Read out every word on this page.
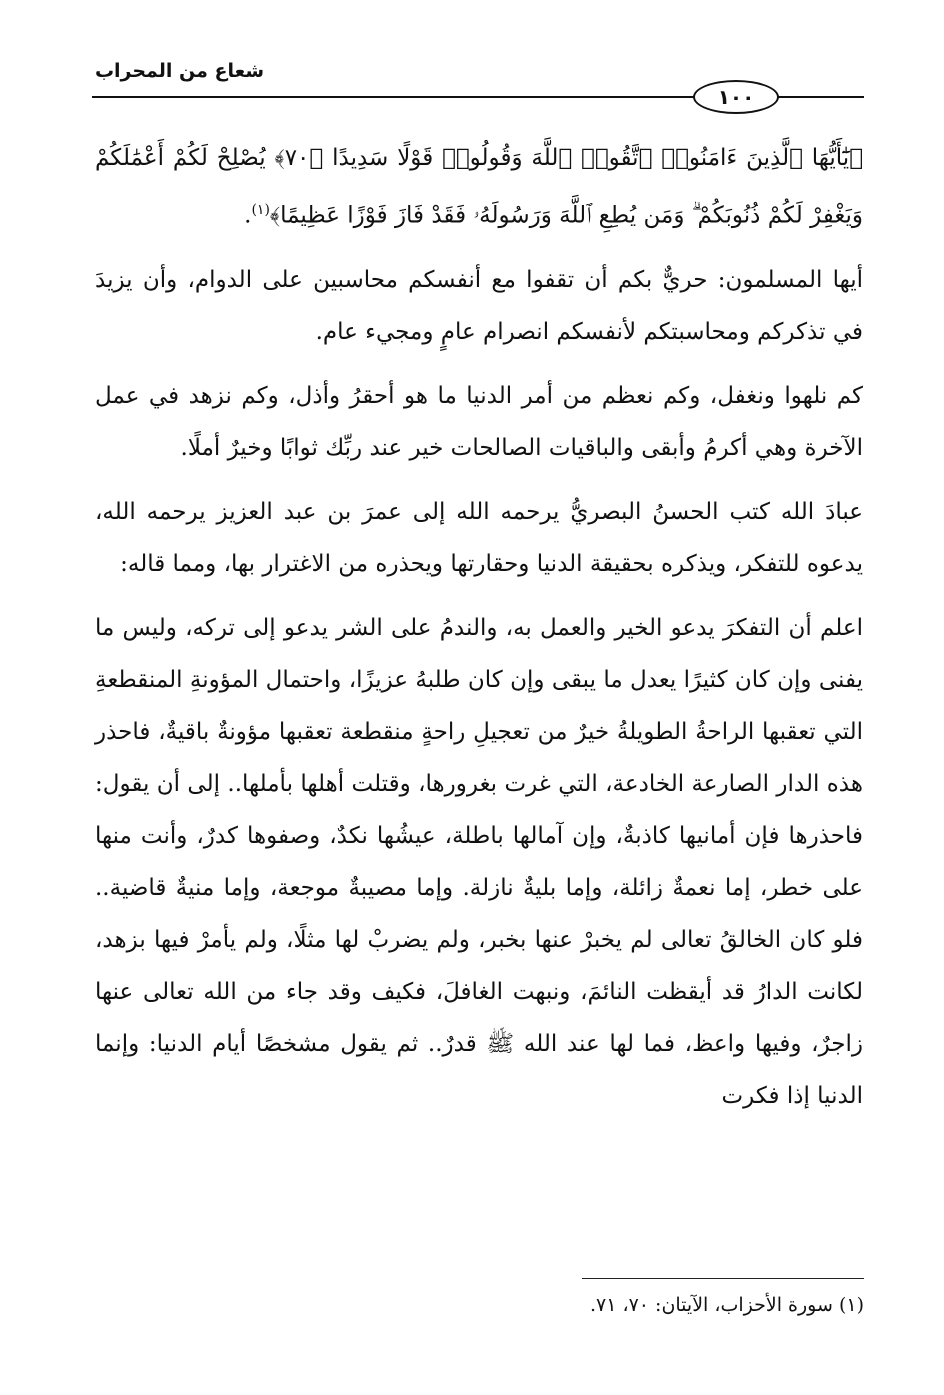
شعاع من المحراب
١٠٠

﴿يَٰٓأَيُّهَا ٱلَّذِينَ ءَامَنُوا۟ ٱتَّقُوا۟ ٱللَّهَ وَقُولُوا۟ قَوْلًا سَدِيدًا ﴿٧٠﴾ يُصْلِحْ لَكُمْ أَعْمَٰلَكُمْ وَيَغْفِرْ لَكُمْ ذُنُوبَكُمْ ۗ وَمَن يُطِعِ ٱللَّهَ وَرَسُولَهُۥ فَقَدْ فَازَ فَوْزًا عَظِيمًا﴾$^{(١)}$.

أيها المسلمون: حريٌّ بكم أن تقفوا مع أنفسكم محاسبين على الدوام، وأن يزيدَ في تذكركم ومحاسبتكم لأنفسكم انصرام عامٍ ومجيء عام.

كم نلهوا ونغفل، وكم نعظم من أمر الدنيا ما هو أحقرُ وأذل، وكم نزهد في عمل الآخرة وهي أكرمُ وأبقى والباقيات الصالحات خير عند ربِّك ثوابًا وخيرٌ أملًا.

عبادَ الله كتب الحسنُ البصريُّ يرحمه الله إلى عمرَ بن عبد العزيز يرحمه الله، يدعوه للتفكر، ويذكره بحقيقة الدنيا وحقارتها ويحذره من الاغترار بها، ومما قاله:

اعلم أن التفكرَ يدعو الخير والعمل به، والندمُ على الشر يدعو إلى تركه، وليس ما يفنى وإن كان كثيرًا يعدل ما يبقى وإن كان طلبهُ عزيزًا، واحتمال المؤونةِ المنقطعةِ التي تعقبها الراحةُ الطويلةُ خيرٌ من تعجيلِ راحةٍ منقطعة تعقبها مؤونةٌ باقيةٌ، فاحذر هذه الدار الصارعة الخادعة، التي غرت بغرورها، وقتلت أهلها بأملها.. إلى أن يقول: فاحذرها فإن أمانيها كاذبةٌ، وإن آمالها باطلة، عيشُها نكدٌ، وصفوها كدرٌ، وأنت منها على خطر، إما نعمةٌ زائلة، وإما بليةٌ نازلة. وإما مصيبةٌ موجعة، وإما منيةٌ قاضية.. فلو كان الخالقُ تعالى لم يخبرْ عنها بخبر، ولم يضربْ لها مثلًا، ولم يأمرْ فيها بزهد، لكانت الدارُ قد أيقظت النائمَ، ونبهت الغافلَ، فكيف وقد جاء من الله تعالى عنها زاجرٌ، وفيها واعظ، فما لها عند الله ﷺ قدرٌ.. ثم يقول مشخصًا أيام الدنيا: وإنما الدنيا إذا فكرت

(١) سورة الأحزاب، الآيتان: ٧٠، ٧١.
